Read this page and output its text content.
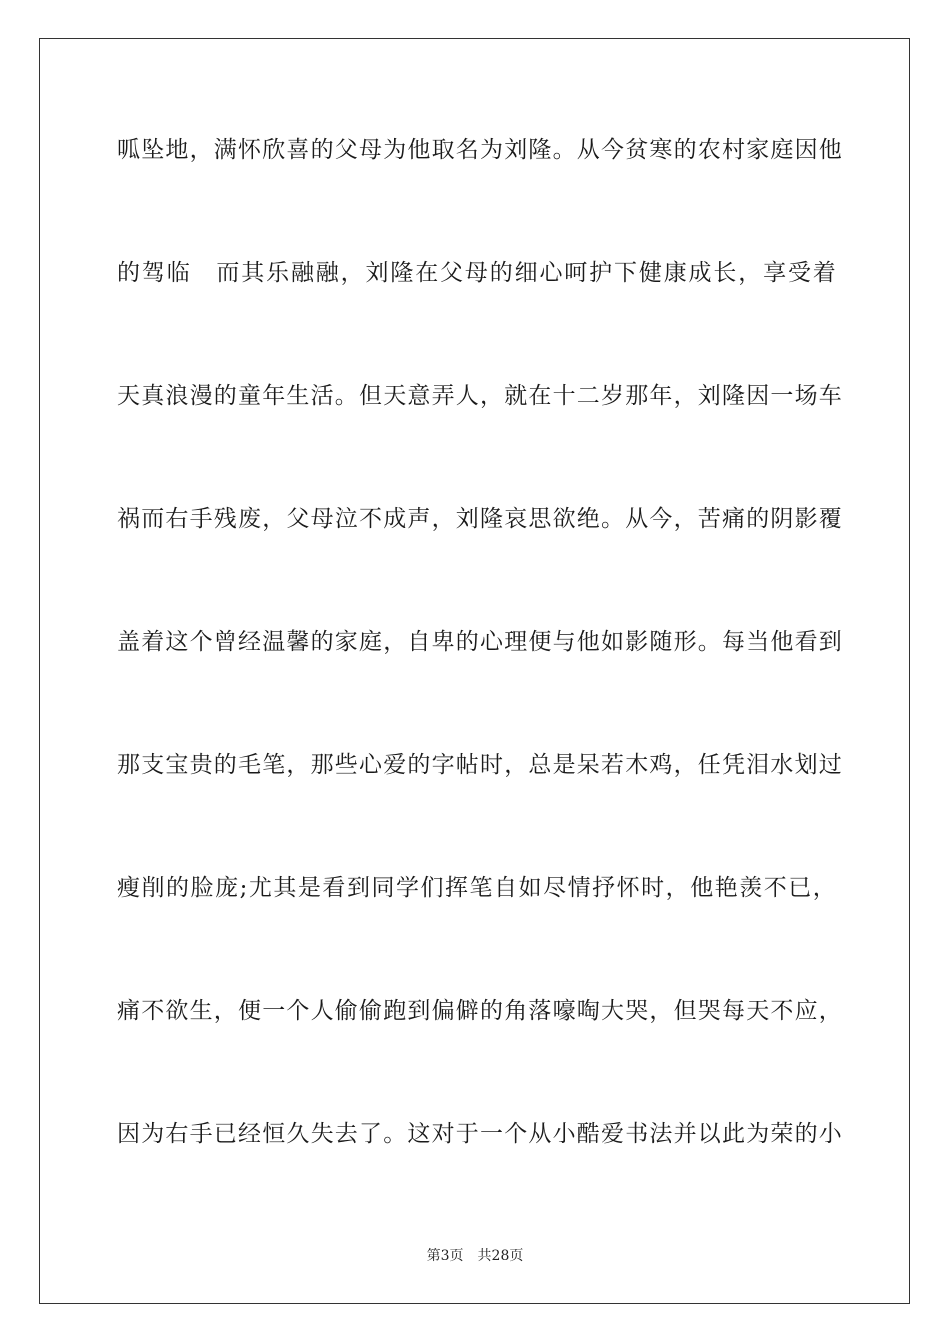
呱坠地，满怀欣喜的父母为他取名为刘隆。从今贫寒的农村家庭因他
的驾临　而其乐融融，刘隆在父母的细心呵护下健康成长，享受着
天真浪漫的童年生活。但天意弄人，就在十二岁那年，刘隆因一场车
祸而右手残废，父母泣不成声，刘隆哀思欲绝。从今，苦痛的阴影覆
盖着这个曾经温馨的家庭，自卑的心理便与他如影随形。每当他看到
那支宝贵的毛笔，那些心爱的字帖时，总是呆若木鸡，任凭泪水划过
瘦削的脸庞;尤其是看到同学们挥笔自如尽情抒怀时，他艳羡不已，
痛不欲生，便一个人偷偷跑到偏僻的角落嚎啕大哭，但哭每天不应，
因为右手已经恒久失去了。这对于一个从小酷爱书法并以此为荣的小
第3页　共28页
